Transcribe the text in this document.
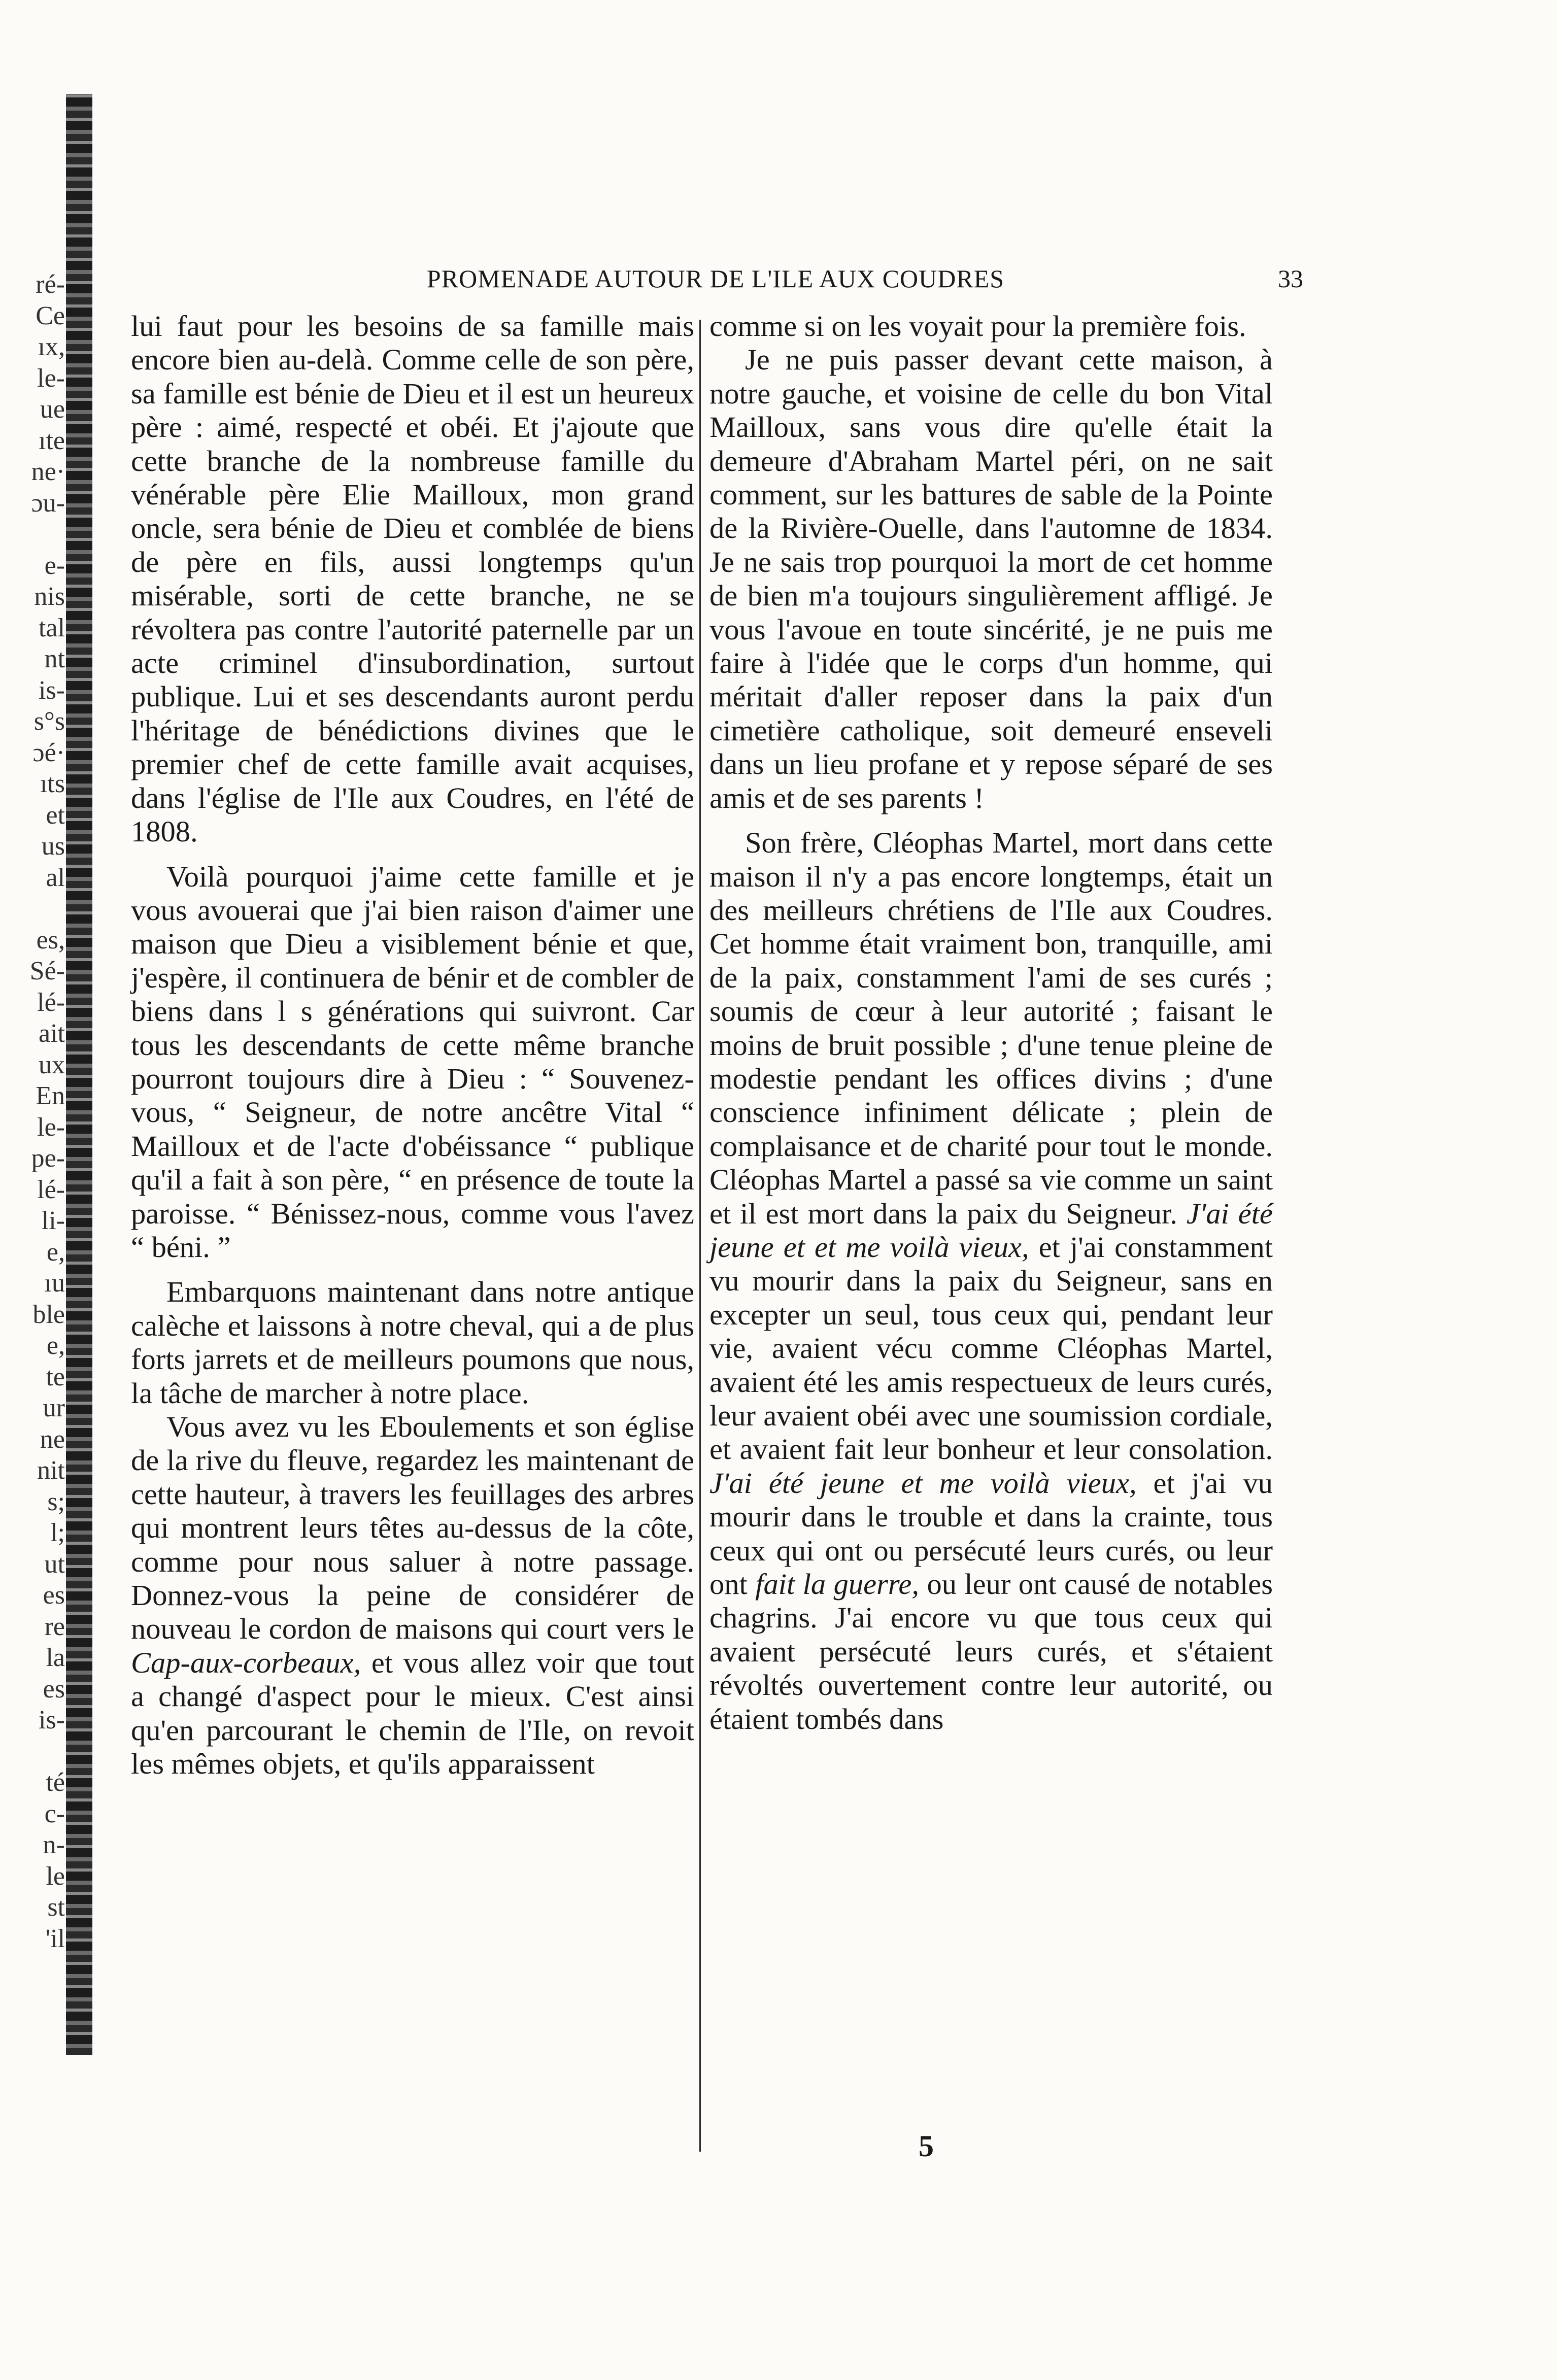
ré-
Ce
ıx,
le-
ue
ıte
ne·
ɔu-

e-
nis
tal
nt
is-
s°s
ɔé·
ıts
et
us
al

es,
Sé-
lé-
ait
ux
En
le-
pe-
lé-
li-
e,
ıu
ble
e,
te
ur
ne
nit
s;
l;
ut
es
re
la
es
is-

té
c-
n-
le
st
'il
PROMENADE AUTOUR DE L'ILE AUX COUDRES	33

lui faut pour les besoins de sa famille mais encore bien au-delà. Comme celle de son père, sa famille est bénie de Dieu et il est un heureux père : aimé, respecté et obéi. Et j'ajoute que cette branche de la nombreuse famille du vénérable père Elie Mailloux, mon grand oncle, sera bénie de Dieu et comblée de biens de père en fils, aussi longtemps qu'un misérable, sorti de cette branche, ne se révoltera pas contre l'autorité paternelle par un acte criminel d'insubordination, surtout publique. Lui et ses descendants auront perdu l'héritage de bénédictions divines que le premier chef de cette famille avait acquises, dans l'église de l'Ile aux Coudres, en l'été de 1808.

Voilà pourquoi j'aime cette famille et je vous avouerai que j'ai bien raison d'aimer une maison que Dieu a visiblement bénie et que, j'espère, il continuera de bénir et de combler de biens dans l s générations qui suivront. Car tous les descendants de cette même branche pourront toujours dire à Dieu : “ Souvenez-vous, “ Seigneur, de notre ancêtre Vital “ Mailloux et de l'acte d'obéissance “ publique qu'il a fait à son père, “ en présence de toute la paroisse. “ Bénissez-nous, comme vous l'avez “ béni. ”

Embarquons maintenant dans notre antique calèche et laissons à notre cheval, qui a de plus forts jarrets et de meilleurs poumons que nous, la tâche de marcher à notre place.

Vous avez vu les Eboulements et son église de la rive du fleuve, regardez les maintenant de cette hauteur, à travers les feuillages des arbres qui montrent leurs têtes au-dessus de la côte, comme pour nous saluer à notre passage. Donnez-vous la peine de considérer de nouveau le cordon de maisons qui court vers le Cap-aux-corbeaux, et vous allez voir que tout a changé d'aspect pour le mieux. C'est ainsi qu'en parcourant le chemin de l'Ile, on revoit les mêmes objets, et qu'ils apparaissent

comme si on les voyait pour la première fois.

Je ne puis passer devant cette maison, à notre gauche, et voisine de celle du bon Vital Mailloux, sans vous dire qu'elle était la demeure d'Abraham Martel péri, on ne sait comment, sur les battures de sable de la Pointe de la Rivière-Ouelle, dans l'automne de 1834. Je ne sais trop pourquoi la mort de cet homme de bien m'a toujours singulièrement affligé. Je vous l'avoue en toute sincérité, je ne puis me faire à l'idée que le corps d'un homme, qui méritait d'aller reposer dans la paix d'un cimetière catholique, soit demeuré enseveli dans un lieu profane et y repose séparé de ses amis et de ses parents !

Son frère, Cléophas Martel, mort dans cette maison il n'y a pas encore longtemps, était un des meilleurs chrétiens de l'Ile aux Coudres. Cet homme était vraiment bon, tranquille, ami de la paix, constamment l'ami de ses curés ; soumis de cœur à leur autorité ; faisant le moins de bruit possible ; d'une tenue pleine de modestie pendant les offices divins ; d'une conscience infiniment délicate ; plein de complaisance et de charité pour tout le monde. Cléophas Martel a passé sa vie comme un saint et il est mort dans la paix du Seigneur. J'ai été jeune et et me voilà vieux, et j'ai constamment vu mourir dans la paix du Seigneur, sans en excepter un seul, tous ceux qui, pendant leur vie, avaient vécu comme Cléophas Martel, avaient été les amis respectueux de leurs curés, leur avaient obéi avec une soumission cordiale, et avaient fait leur bonheur et leur consolation. J'ai été jeune et me voilà vieux, et j'ai vu mourir dans le trouble et dans la crainte, tous ceux qui ont ou persécuté leurs curés, ou leur ont fait la guerre, ou leur ont causé de notables chagrins. J'ai encore vu que tous ceux qui avaient persécuté leurs curés, et s'étaient révoltés ouvertement contre leur autorité, ou étaient tombés dans

5
